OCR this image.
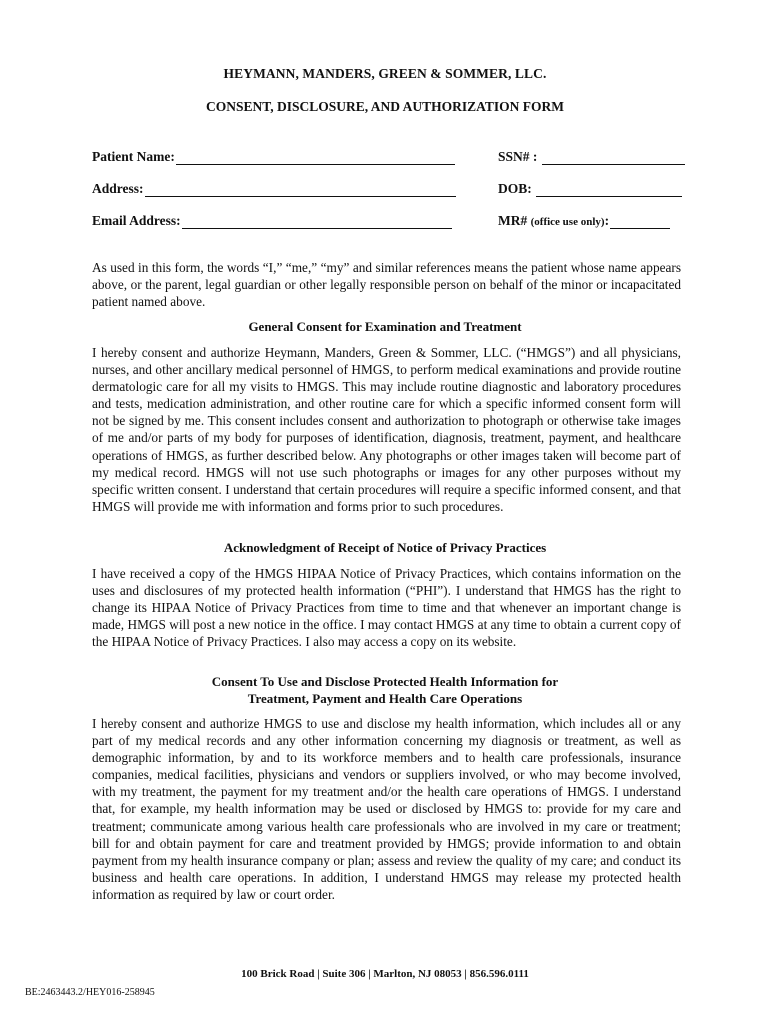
HEYMANN, MANDERS, GREEN & SOMMER, LLC.
CONSENT, DISCLOSURE, AND AUTHORIZATION FORM
Patient Name:	SSN# :
Address:	DOB:
Email Address:	MR# (office use only):

As used in this form, the words “I,” “me,” “my” and similar references means the patient whose name appears above, or the parent, legal guardian or other legally responsible person on behalf of the minor or incapacitated patient named above.

General Consent for Examination and Treatment

I hereby consent and authorize Heymann, Manders, Green & Sommer, LLC. (“HMGS”) and all physicians, nurses, and other ancillary medical personnel of HMGS, to perform medical examinations and provide routine dermatologic care for all my visits to HMGS. This may include routine diagnostic and laboratory procedures and tests, medication administration, and other routine care for which a specific informed consent form will not be signed by me. This consent includes consent and authorization to photograph or otherwise take images of me and/or parts of my body for purposes of identification, diagnosis, treatment, payment, and healthcare operations of HMGS, as further described below. Any photographs or other images taken will become part of my medical record. HMGS will not use such photographs or images for any other purposes without my specific written consent. I understand that certain procedures will require a specific informed consent, and that HMGS will provide me with information and forms prior to such procedures.

Acknowledgment of Receipt of Notice of Privacy Practices

I have received a copy of the HMGS HIPAA Notice of Privacy Practices, which contains information on the uses and disclosures of my protected health information (“PHI”). I understand that HMGS has the right to change its HIPAA Notice of Privacy Practices from time to time and that whenever an important change is made, HMGS will post a new notice in the office. I may contact HMGS at any time to obtain a current copy of the HIPAA Notice of Privacy Practices. I also may access a copy on its website.

Consent To Use and Disclose Protected Health Information for
Treatment, Payment and Health Care Operations

I hereby consent and authorize HMGS to use and disclose my health information, which includes all or any part of my medical records and any other information concerning my diagnosis or treatment, as well as demographic information, by and to its workforce members and to health care professionals, insurance companies, medical facilities, physicians and vendors or suppliers involved, or who may become involved, with my treatment, the payment for my treatment and/or the health care operations of HMGS. I understand that, for example, my health information may be used or disclosed by HMGS to: provide for my care and treatment; communicate among various health care professionals who are involved in my care or treatment; bill for and obtain payment for care and treatment provided by HMGS; provide information to and obtain payment from my health insurance company or plan; assess and review the quality of my care; and conduct its business and health care operations. In addition, I understand HMGS may release my protected health information as required by law or court order.

100 Brick Road | Suite 306 | Marlton, NJ 08053 | 856.596.0111
BE:2463443.2/HEY016-258945
